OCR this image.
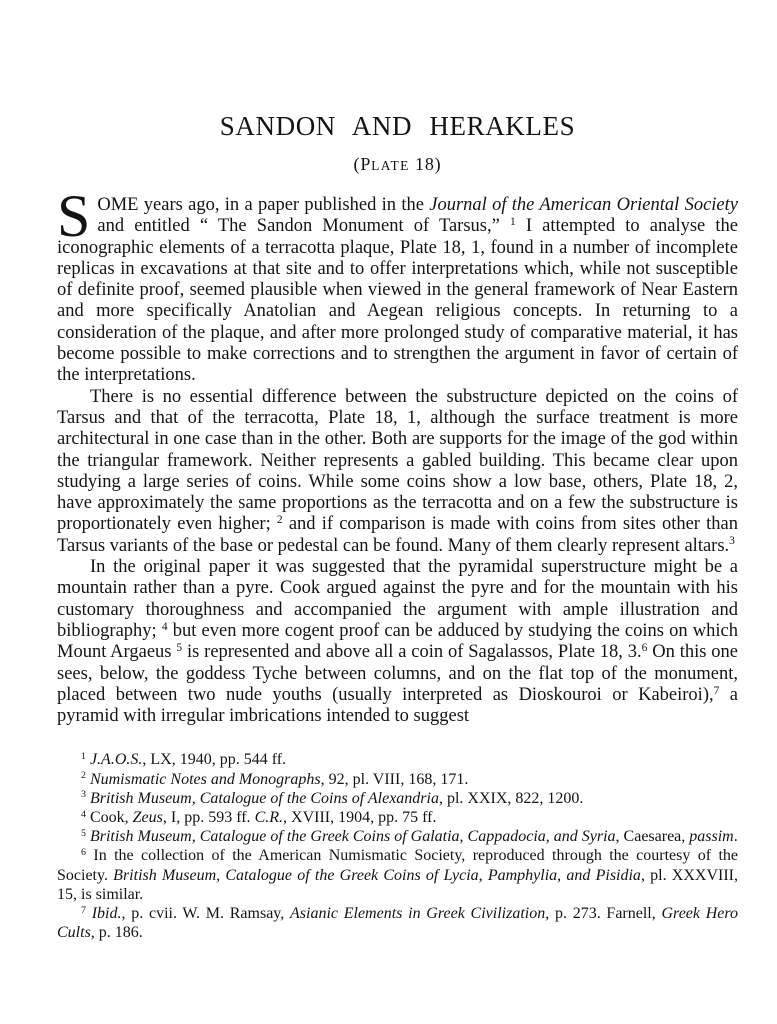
SANDON AND HERAKLES
(PLATE 18)

SOME years ago, in a paper published in the Journal of the American Oriental Society and entitled “ The Sandon Monument of Tarsus,” $^1$ I attempted to analyse the iconographic elements of a terracotta plaque, Plate 18, 1, found in a number of incomplete replicas in excavations at that site and to offer interpretations which, while not susceptible of definite proof, seemed plausible when viewed in the general framework of Near Eastern and more specifically Anatolian and Aegean religious concepts. In returning to a consideration of the plaque, and after more prolonged study of comparative material, it has become possible to make corrections and to strengthen the argument in favor of certain of the interpretations.

There is no essential difference between the substructure depicted on the coins of Tarsus and that of the terracotta, Plate 18, 1, although the surface treatment is more architectural in one case than in the other. Both are supports for the image of the god within the triangular framework. Neither represents a gabled building. This became clear upon studying a large series of coins. While some coins show a low base, others, Plate 18, 2, have approximately the same proportions as the terracotta and on a few the substructure is proportionately even higher; $^2$ and if comparison is made with coins from sites other than Tarsus variants of the base or pedestal can be found. Many of them clearly represent altars.$^3$

In the original paper it was suggested that the pyramidal superstructure might be a mountain rather than a pyre. Cook argued against the pyre and for the mountain with his customary thoroughness and accompanied the argument with ample illustration and bibliography; $^4$ but even more cogent proof can be adduced by studying the coins on which Mount Argaeus $^5$ is represented and above all a coin of Sagalassos, Plate 18, 3.$^6$ On this one sees, below, the goddess Tyche between columns, and on the flat top of the monument, placed between two nude youths (usually interpreted as Dioskouroi or Kabeiroi),$^7$ a pyramid with irregular imbrications intended to suggest

$^1$ J.A.O.S., LX, 1940, pp. 544 ff.

$^2$ Numismatic Notes and Monographs, 92, pl. VIII, 168, 171.

$^3$ British Museum, Catalogue of the Coins of Alexandria, pl. XXIX, 822, 1200.

$^4$ Cook, Zeus, I, pp. 593 ff. C.R., XVIII, 1904, pp. 75 ff.

$^5$ British Museum, Catalogue of the Greek Coins of Galatia, Cappadocia, and Syria, Caesarea, passim.

$^6$ In the collection of the American Numismatic Society, reproduced through the courtesy of the Society. British Museum, Catalogue of the Greek Coins of Lycia, Pamphylia, and Pisidia, pl. XXXVIII, 15, is similar.

$^7$ Ibid., p. cvii. W. M. Ramsay, Asianic Elements in Greek Civilization, p. 273. Farnell, Greek Hero Cults, p. 186.
